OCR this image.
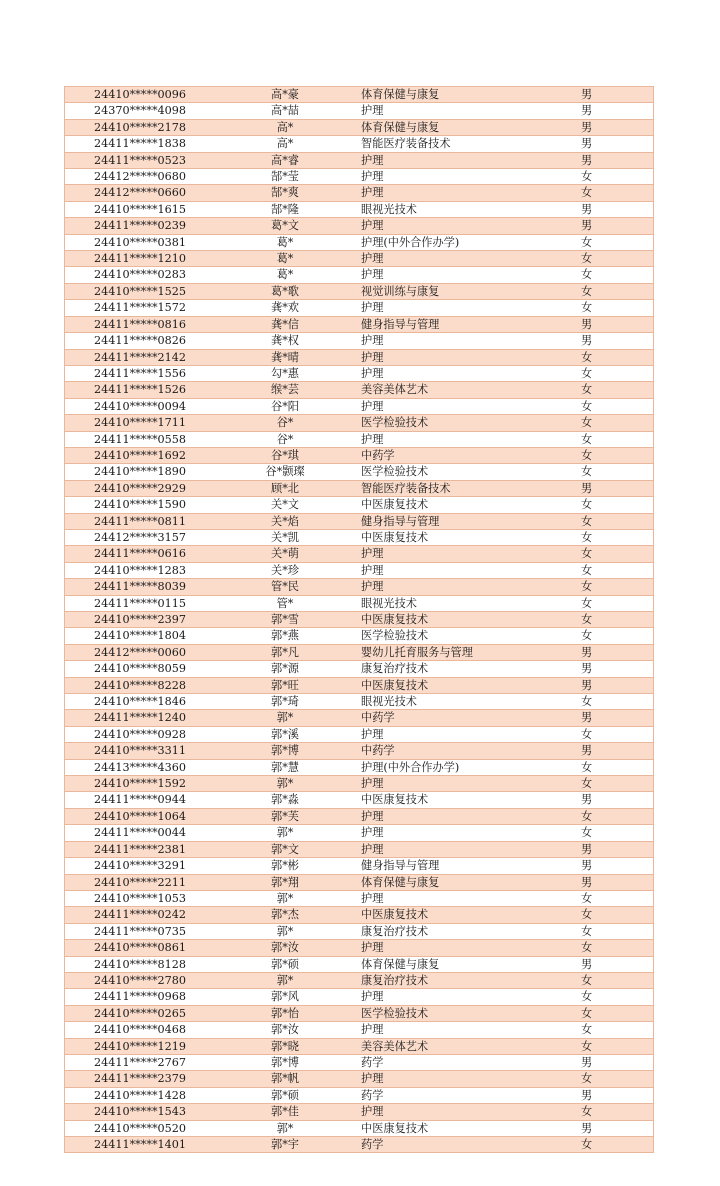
24410*****0096	高*豪	体育保健与康复	男
24370*****4098	高*喆	护理	男
24410*****2178	高*	体育保健与康复	男
24411*****1838	高*	智能医疗装备技术	男
24411*****0523	高*睿	护理	男
24412*****0680	郜*莹	护理	女
24412*****0660	郜*爽	护理	女
24410*****1615	郜*隆	眼视光技术	男
24411*****0239	葛*文	护理	男
24410*****0381	葛*	护理(中外合作办学)	女
24411*****1210	葛*	护理	女
24410*****0283	葛*	护理	女
24410*****1525	葛*歌	视觉训练与康复	女
24411*****1572	龚*欢	护理	女
24411*****0816	龚*信	健身指导与管理	男
24411*****0826	龚*权	护理	男
24411*****2142	龚*晴	护理	女
24411*****1556	勾*惠	护理	女
24411*****1526	缑*芸	美容美体艺术	女
24410*****0094	谷*阳	护理	女
24410*****1711	谷*	医学检验技术	女
24411*****0558	谷*	护理	女
24410*****1692	谷*琪	中药学	女
24410*****1890	谷*颢璨	医学检验技术	女
24410*****2929	顾*北	智能医疗装备技术	男
24410*****1590	关*文	中医康复技术	女
24411*****0811	关*焰	健身指导与管理	女
24412*****3157	关*凯	中医康复技术	女
24411*****0616	关*萌	护理	女
24410*****1283	关*珍	护理	女
24411*****8039	管*民	护理	女
24411*****0115	管*	眼视光技术	女
24410*****2397	郭*雪	中医康复技术	女
24410*****1804	郭*燕	医学检验技术	女
24412*****0060	郭*凡	婴幼儿托育服务与管理	男
24410*****8059	郭*源	康复治疗技术	男
24410*****8228	郭*旺	中医康复技术	男
24410*****1846	郭*琦	眼视光技术	女
24411*****1240	郭*	中药学	男
24410*****0928	郭*溪	护理	女
24410*****3311	郭*博	中药学	男
24413*****4360	郭*慧	护理(中外合作办学)	女
24410*****1592	郭*	护理	女
24411*****0944	郭*淼	中医康复技术	男
24410*****1064	郭*芙	护理	女
24411*****0044	郭*	护理	女
24411*****2381	郭*文	护理	男
24410*****3291	郭*彬	健身指导与管理	男
24410*****2211	郭*翔	体育保健与康复	男
24410*****1053	郭*	护理	女
24411*****0242	郭*杰	中医康复技术	女
24411*****0735	郭*	康复治疗技术	女
24410*****0861	郭*汝	护理	女
24410*****8128	郭*硕	体育保健与康复	男
24410*****2780	郭*	康复治疗技术	女
24411*****0968	郭*风	护理	女
24410*****0265	郭*怡	医学检验技术	女
24410*****0468	郭*汝	护理	女
24410*****1219	郭*晓	美容美体艺术	女
24411*****2767	郭*博	药学	男
24411*****2379	郭*帆	护理	女
24410*****1428	郭*硕	药学	男
24410*****1543	郭*佳	护理	女
24410*****0520	郭*	中医康复技术	男
24411*****1401	郭*宇	药学	女
